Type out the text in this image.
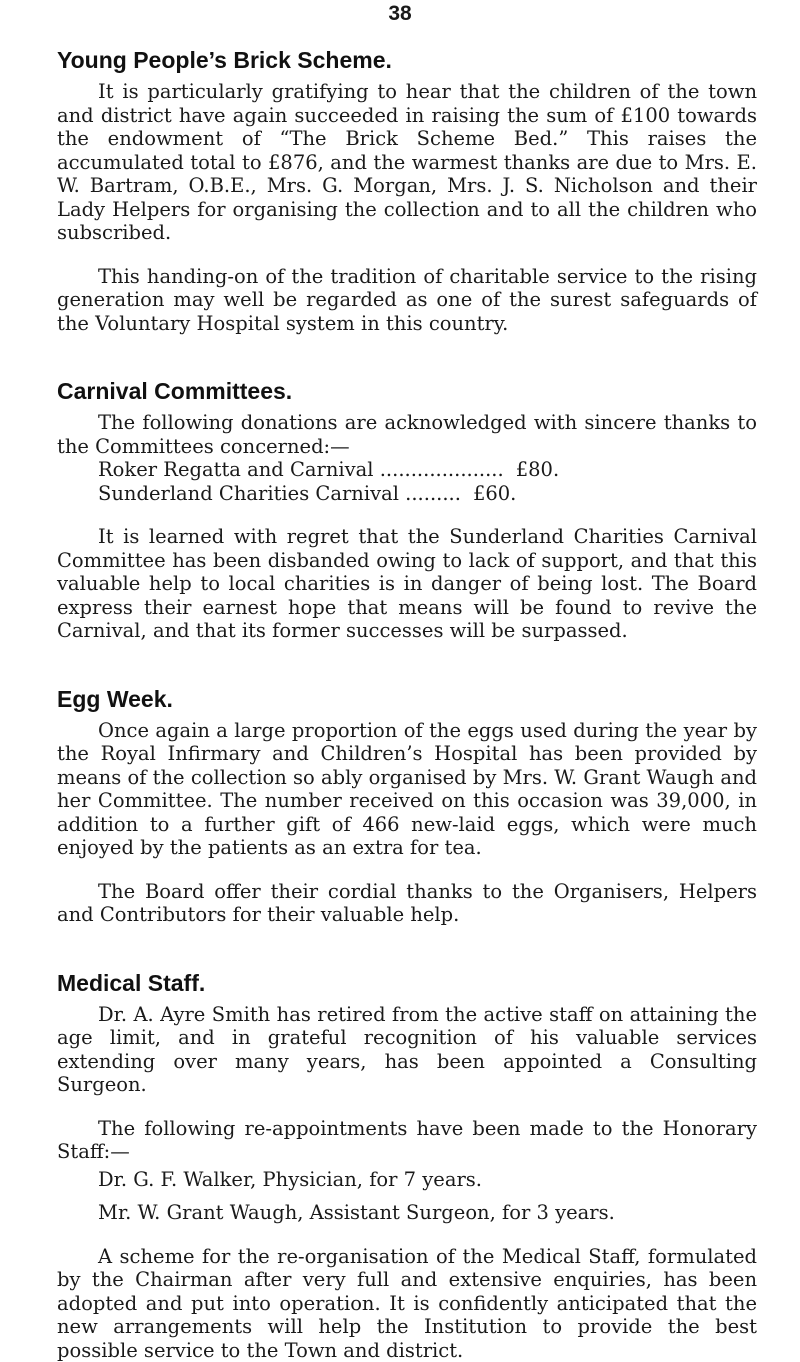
38
Young People’s Brick Scheme.

It is particularly gratifying to hear that the children of the town and district have again succeeded in raising the sum of £100 towards the endowment of “The Brick Scheme Bed.” This raises the accumulated total to £876, and the warmest thanks are due to Mrs. E. W. Bartram, O.B.E., Mrs. G. Morgan, Mrs. J. S. Nicholson and their Lady Helpers for organising the collection and to all the children who subscribed.

This handing-on of the tradition of charitable service to the rising generation may well be regarded as one of the surest safeguards of the Voluntary Hospital system in this country.

Carnival Committees.

The following donations are acknowledged with sincere thanks to the Committees concerned:—

Roker Regatta and Carnival .................... £80.
Sunderland Charities Carnival ......... £60.

It is learned with regret that the Sunderland Charities Carnival Committee has been disbanded owing to lack of support, and that this valuable help to local charities is in danger of being lost. The Board express their earnest hope that means will be found to revive the Carnival, and that its former successes will be surpassed.

Egg Week.

Once again a large proportion of the eggs used during the year by the Royal Infirmary and Children’s Hospital has been provided by means of the collection so ably organised by Mrs. W. Grant Waugh and her Committee. The number received on this occasion was 39,000, in addition to a further gift of 466 new-laid eggs, which were much enjoyed by the patients as an extra for tea.

The Board offer their cordial thanks to the Organisers, Helpers and Contributors for their valuable help.

Medical Staff.

Dr. A. Ayre Smith has retired from the active staff on attaining the age limit, and in grateful recognition of his valuable services extending over many years, has been appointed a Consulting Surgeon.

The following re-appointments have been made to the Honorary Staff:—

Dr. G. F. Walker, Physician, for 7 years.
Mr. W. Grant Waugh, Assistant Surgeon, for 3 years.

A scheme for the re-organisation of the Medical Staff, formulated by the Chairman after very full and extensive enquiries, has been adopted and put into operation. It is confidently anticipated that the new arrangements will help the Institution to provide the best possible service to the Town and district.
